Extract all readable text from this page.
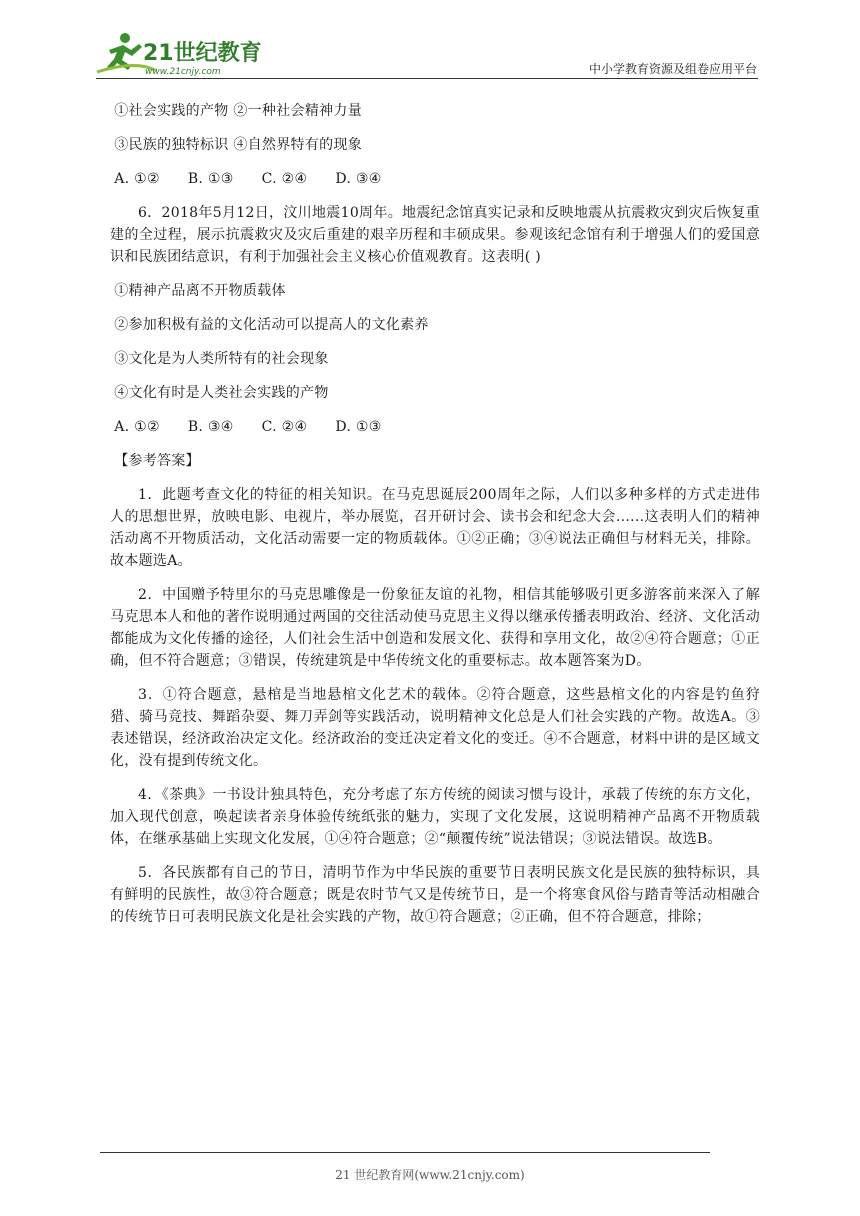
21世纪教育
www.21cnjy.com	中小学教育资源及组卷应用平台

①社会实践的产物 ②一种社会精神力量

③民族的独特标识 ④自然界特有的现象

A. ①② B. ①③ C. ②④ D. ③④

6．2018年5月12日，汶川地震10周年。地震纪念馆真实记录和反映地震从抗震救灾到灾后恢复重建的全过程，展示抗震救灾及灾后重建的艰辛历程和丰硕成果。参观该纪念馆有利于增强人们的爱国意识和民族团结意识，有利于加强社会主义核心价值观教育。这表明( )

①精神产品离不开物质载体

②参加积极有益的文化活动可以提高人的文化素养

③文化是为人类所特有的社会现象

④文化有时是人类社会实践的产物

A. ①② B. ③④ C. ②④ D. ①③

【参考答案】

1．此题考查文化的特征的相关知识。在马克思诞辰200周年之际，人们以多种多样的方式走进伟人的思想世界，放映电影、电视片，举办展览，召开研讨会、读书会和纪念大会......这表明人们的精神活动离不开物质活动，文化活动需要一定的物质载体。①②正确；③④说法正确但与材料无关，排除。故本题选A。

2．中国赠予特里尔的马克思雕像是一份象征友谊的礼物，相信其能够吸引更多游客前来深入了解马克思本人和他的著作说明通过两国的交往活动使马克思主义得以继承传播表明政治、经济、文化活动都能成为文化传播的途径，人们社会生活中创造和发展文化、获得和享用文化，故②④符合题意；①正确，但不符合题意；③错误，传统建筑是中华传统文化的重要标志。故本题答案为D。

3．①符合题意，悬棺是当地悬棺文化艺术的载体。②符合题意，这些悬棺文化的内容是钓鱼狩猎、骑马竞技、舞蹈杂耍、舞刀弄剑等实践活动，说明精神文化总是人们社会实践的产物。故选A。③表述错误，经济政治决定文化。经济政治的变迁决定着文化的变迁。④不合题意，材料中讲的是区域文化，没有提到传统文化。

4．《茶典》一书设计独具特色，充分考虑了东方传统的阅读习惯与设计，承载了传统的东方文化，加入现代创意，唤起读者亲身体验传统纸张的魅力，实现了文化发展，这说明精神产品离不开物质载体，在继承基础上实现文化发展，①④符合题意；②“颠覆传统”说法错误；③说法错误。故选B。

5．各民族都有自己的节日，清明节作为中华民族的重要节日表明民族文化是民族的独特标识，具有鲜明的民族性，故③符合题意；既是农时节气又是传统节日，是一个将寒食风俗与踏青等活动相融合的传统节日可表明民族文化是社会实践的产物，故①符合题意；②正确，但不符合题意，排除；

21 世纪教育网(www.21cnjy.com)
